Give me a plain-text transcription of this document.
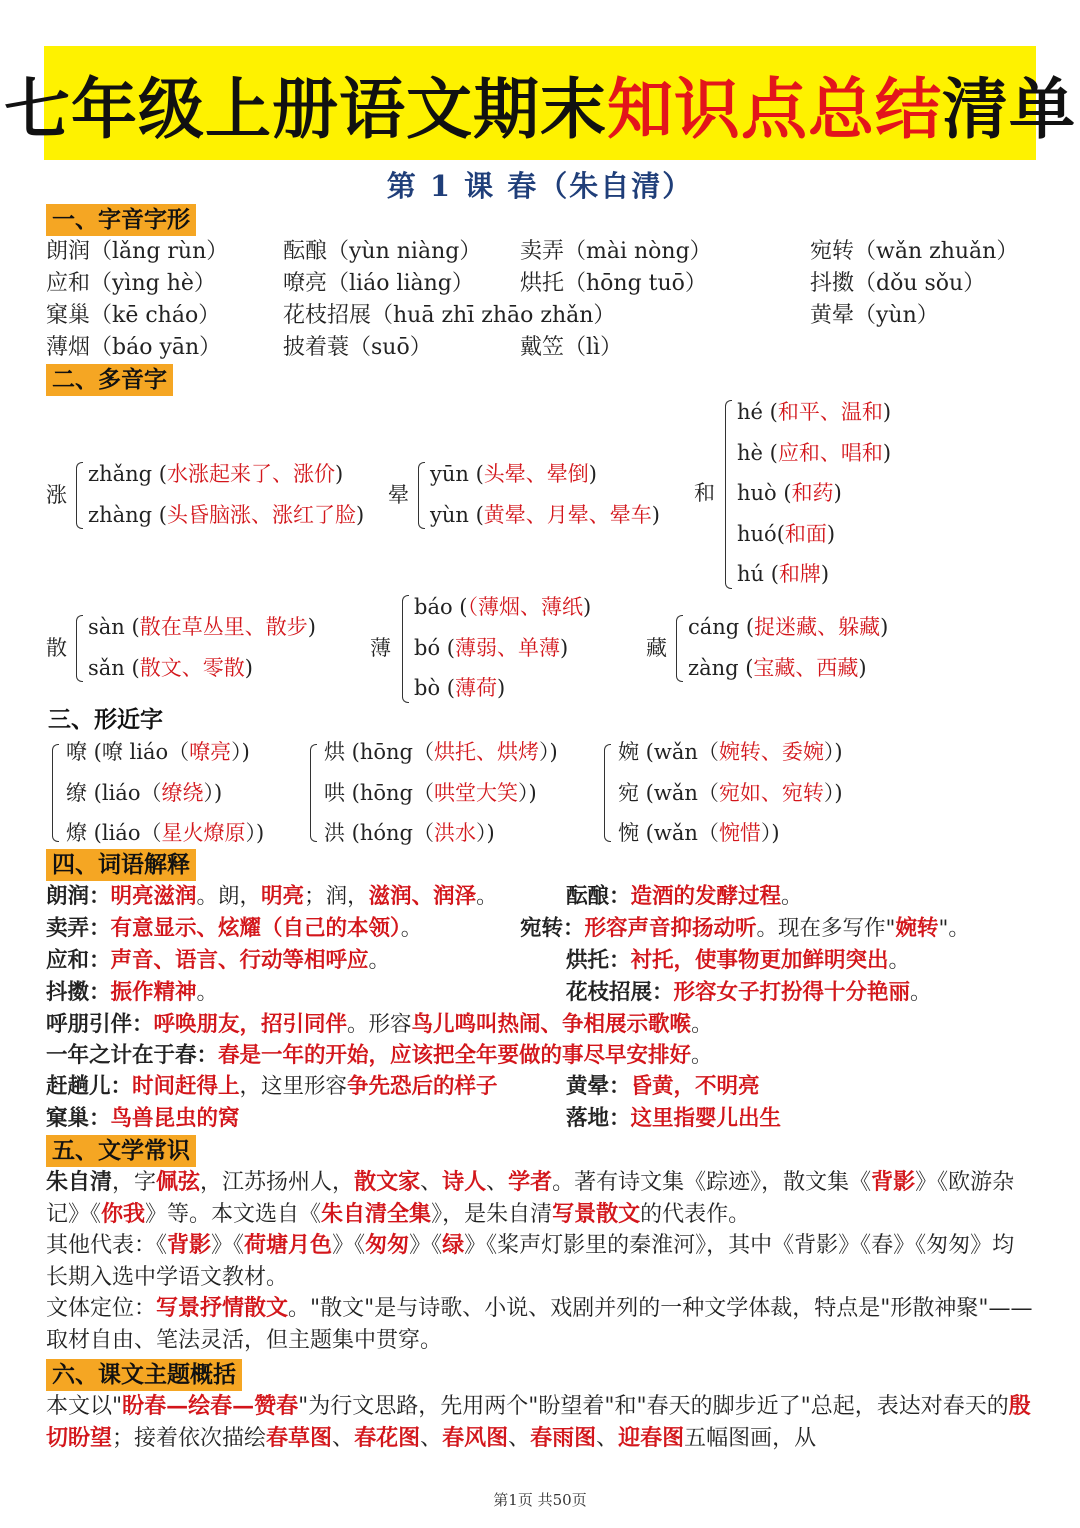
七年级上册语文期末知识点总结清单
第 1 课 春（朱自清）
一、字音字形
朗润（lǎng rùn） 酝酿（yùn niàng） 卖弄（mài nòng）	宛转（wǎn zhuǎn）
应和（yìng hè）	嘹亮（liáo liàng） 烘托（hōng tuō）	抖擞（dǒu sǒu）
窠巢（kē cháo）	花枝招展（huā zhī zhāo zhǎn）	黄晕（yùn）
薄烟（báo yān）	披着蓑（suō）	戴笠（lì）
二、多音字
涨
zhǎng (水涨起来了、涨价)
zhàng (头昏脑涨、涨红了脸)
晕
yūn (头晕、晕倒)
yùn (黄晕、月晕、晕车)
和
hé (和平、温和)
hè (应和、唱和)
huò (和药)
huó(和面)
hú (和牌)
散
sàn (散在草丛里、散步)
sǎn (散文、零散)
薄
báo (（薄烟、薄纸)
bó (薄弱、单薄)
bò (薄荷)
藏
cáng (捉迷藏、躲藏)
zàng (宝藏、西藏)
三、形近字
嘹 (嘹 liáo（嘹亮）)
缭 (liáo（缭绕）)
燎 (liáo（星火燎原）)
烘 (hōng（烘托、烘烤）)
哄 (hōng（哄堂大笑）)
洪 (hóng（洪水）)
婉 (wǎn（婉转、委婉）)
宛 (wǎn（宛如、宛转）)
惋 (wǎn（惋惜）)
四、词语解释
朗润：明亮滋润。朗，明亮；润，滋润、润泽。	酝酿：造酒的发酵过程。
卖弄：有意显示、炫耀（自己的本领）。	宛转：形容声音抑扬动听。现在多写作"婉转"。
应和：声音、语言、行动等相呼应。	烘托：衬托，使事物更加鲜明突出。
抖擞：振作精神。	花枝招展：形容女子打扮得十分艳丽。
呼朋引伴：呼唤朋友，招引同伴。形容鸟儿鸣叫热闹、争相展示歌喉。
一年之计在于春：春是一年的开始，应该把全年要做的事尽早安排好。
赶趟儿：时间赶得上，这里形容争先恐后的样子	黄晕：昏黄，不明亮
窠巢：鸟兽昆虫的窝	落地：这里指婴儿出生
五、文学常识
朱自清，字佩弦，江苏扬州人，散文家、诗人、学者。著有诗文集《踪迹》，散文集《背影》《欧游杂记》《你我》等。本文选自《朱自清全集》，是朱自清写景散文的代表作。
其他代表：《背影》《荷塘月色》《匆匆》《绿》《桨声灯影里的秦淮河》，其中《背影》《春》《匆匆》均长期入选中学语文教材。
文体定位：写景抒情散文。"散文"是与诗歌、小说、戏剧并列的一种文学体裁，特点是"形散神聚"——取材自由、笔法灵活，但主题集中贯穿。
六、课文主题概括
本文以"盼春—绘春—赞春"为行文思路，先用两个"盼望着"和"春天的脚步近了"总起，表达对春天的殷切盼望；接着依次描绘春草图、春花图、春风图、春雨图、迎春图五幅图画，从
第1页 共50页
